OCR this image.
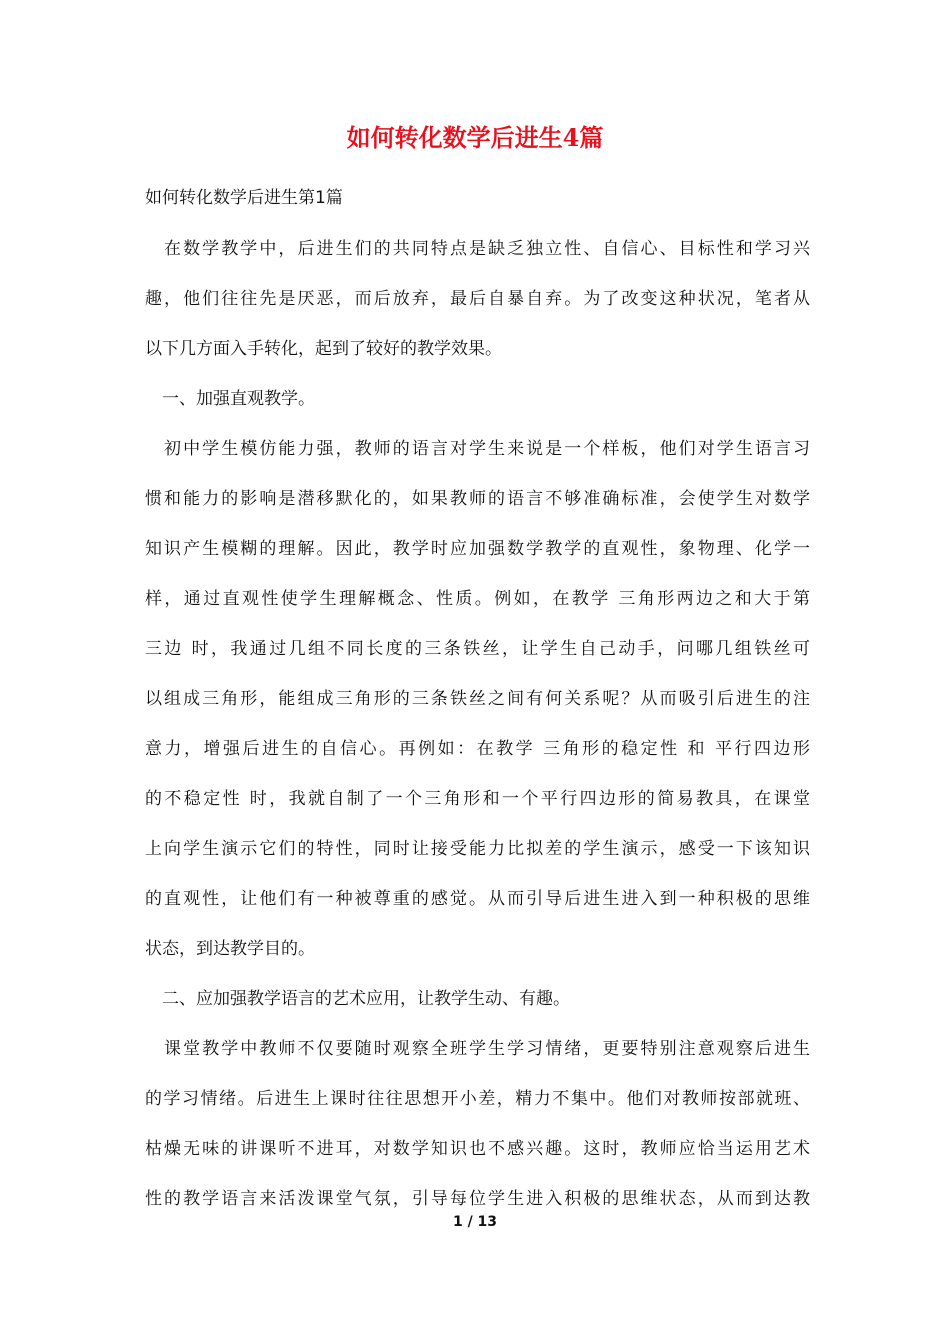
如何转化数学后进生4篇

如何转化数学后进生第1篇

　在数学教学中，后进生们的共同特点是缺乏独立性、自信心、目标性和学习兴
趣，他们往往先是厌恶，而后放弃，最后自暴自弃。为了改变这种状况，笔者从
以下几方面入手转化，起到了较好的教学效果。
　一、加强直观教学。
　初中学生模仿能力强，教师的语言对学生来说是一个样板，他们对学生语言习
惯和能力的影响是潜移默化的，如果教师的语言不够准确标准，会使学生对数学
知识产生模糊的理解。因此，教学时应加强数学教学的直观性，象物理、化学一
样，通过直观性使学生理解概念、性质。例如，在教学 三角形两边之和大于第
三边 时，我通过几组不同长度的三条铁丝，让学生自己动手，问哪几组铁丝可
以组成三角形，能组成三角形的三条铁丝之间有何关系呢？从而吸引后进生的注
意力，增强后进生的自信心。再例如：在教学 三角形的稳定性 和 平行四边形
的不稳定性 时，我就自制了一个三角形和一个平行四边形的简易教具，在课堂
上向学生演示它们的特性，同时让接受能力比拟差的学生演示，感受一下该知识
的直观性，让他们有一种被尊重的感觉。从而引导后进生进入到一种积极的思维
状态，到达教学目的。
　二、应加强教学语言的艺术应用，让教学生动、有趣。
　课堂教学中教师不仅要随时观察全班学生学习情绪，更要特别注意观察后进生
的学习情绪。后进生上课时往往思想开小差，精力不集中。他们对教师按部就班、
枯燥无味的讲课听不进耳，对数学知识也不感兴趣。这时，教师应恰当运用艺术
性的教学语言来活泼课堂气氛，引导每位学生进入积极的思维状态，从而到达教
1 / 13
